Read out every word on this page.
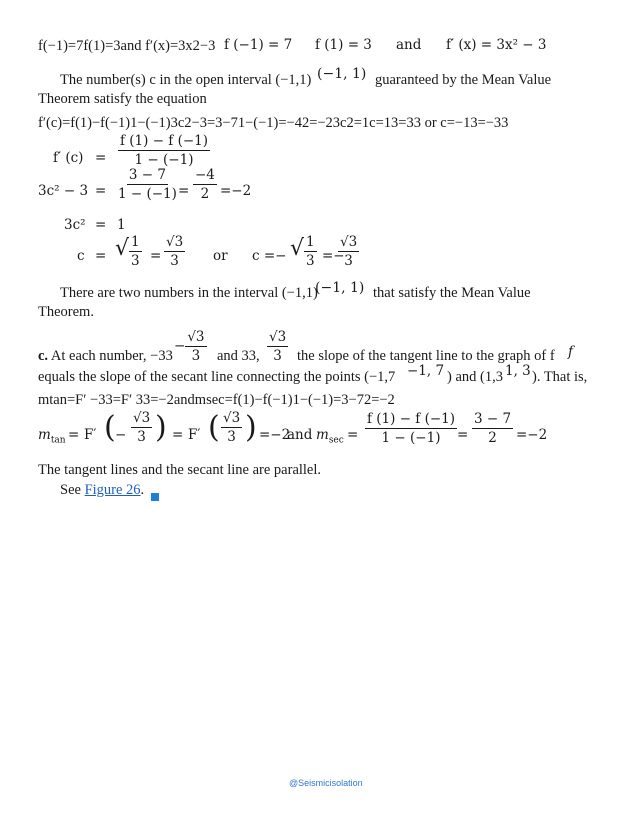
f(−1)=7f(1)=3and f′(x)=3x2−3 f (−1) = 7 f (1) = 3 and f′ (x) = 3x² − 3
The number(s) c in the open interval (−1,1) (−1, 1) guaranteed by the Mean Value
Theorem satisfy the equation
f′(c)=f(1)−f(−1)1−(−1)3c2−3=3−71−(−1)=−42=−23c2=1c=13=33 or c=−13=−33
f′ $(c) = \frac{f (1) - f (-1)}{1 - (-1)}$
$3c^2 - 3 = \frac{3 - 7}{1 - (-1)} = \frac{-4}{2} =-2$
3c² = 1
c = √ $\frac{1}{3} = \frac{√3}{3}$ or c =− √ $\frac{1}{3}$ =−
$\frac{√3}{3}$
There are two numbers in the interval (−1,1)
(−1, 1) that satisfy the Mean Value
Theorem.
− $\frac{√3}{3}$	$\frac{√3}{3}$
c. At each number, −33	and 33,	the slope of the tangent line to the graph of f f
equals the slope of the secant line connecting the points (−1,7 −1, 7 ) and (1,3 1, 3 ). That is,
mtan=F′ −33=F′ 33=−2andmsec=f(1)−f(−1)1−(−1)=3−72=−2
$m_{tan} = F'$ ( − $\frac{√3}{3}$ ) = F′ ( $\frac{√3}{3}$ ) =−2
and $m_{sec} = \frac{f (1) - f (-1)}{1 - (-1)} = \frac{3 - 7}{2} =-2$
The tangent lines and the secant line are parallel.
See Figure 26.
@Seismicisolation
